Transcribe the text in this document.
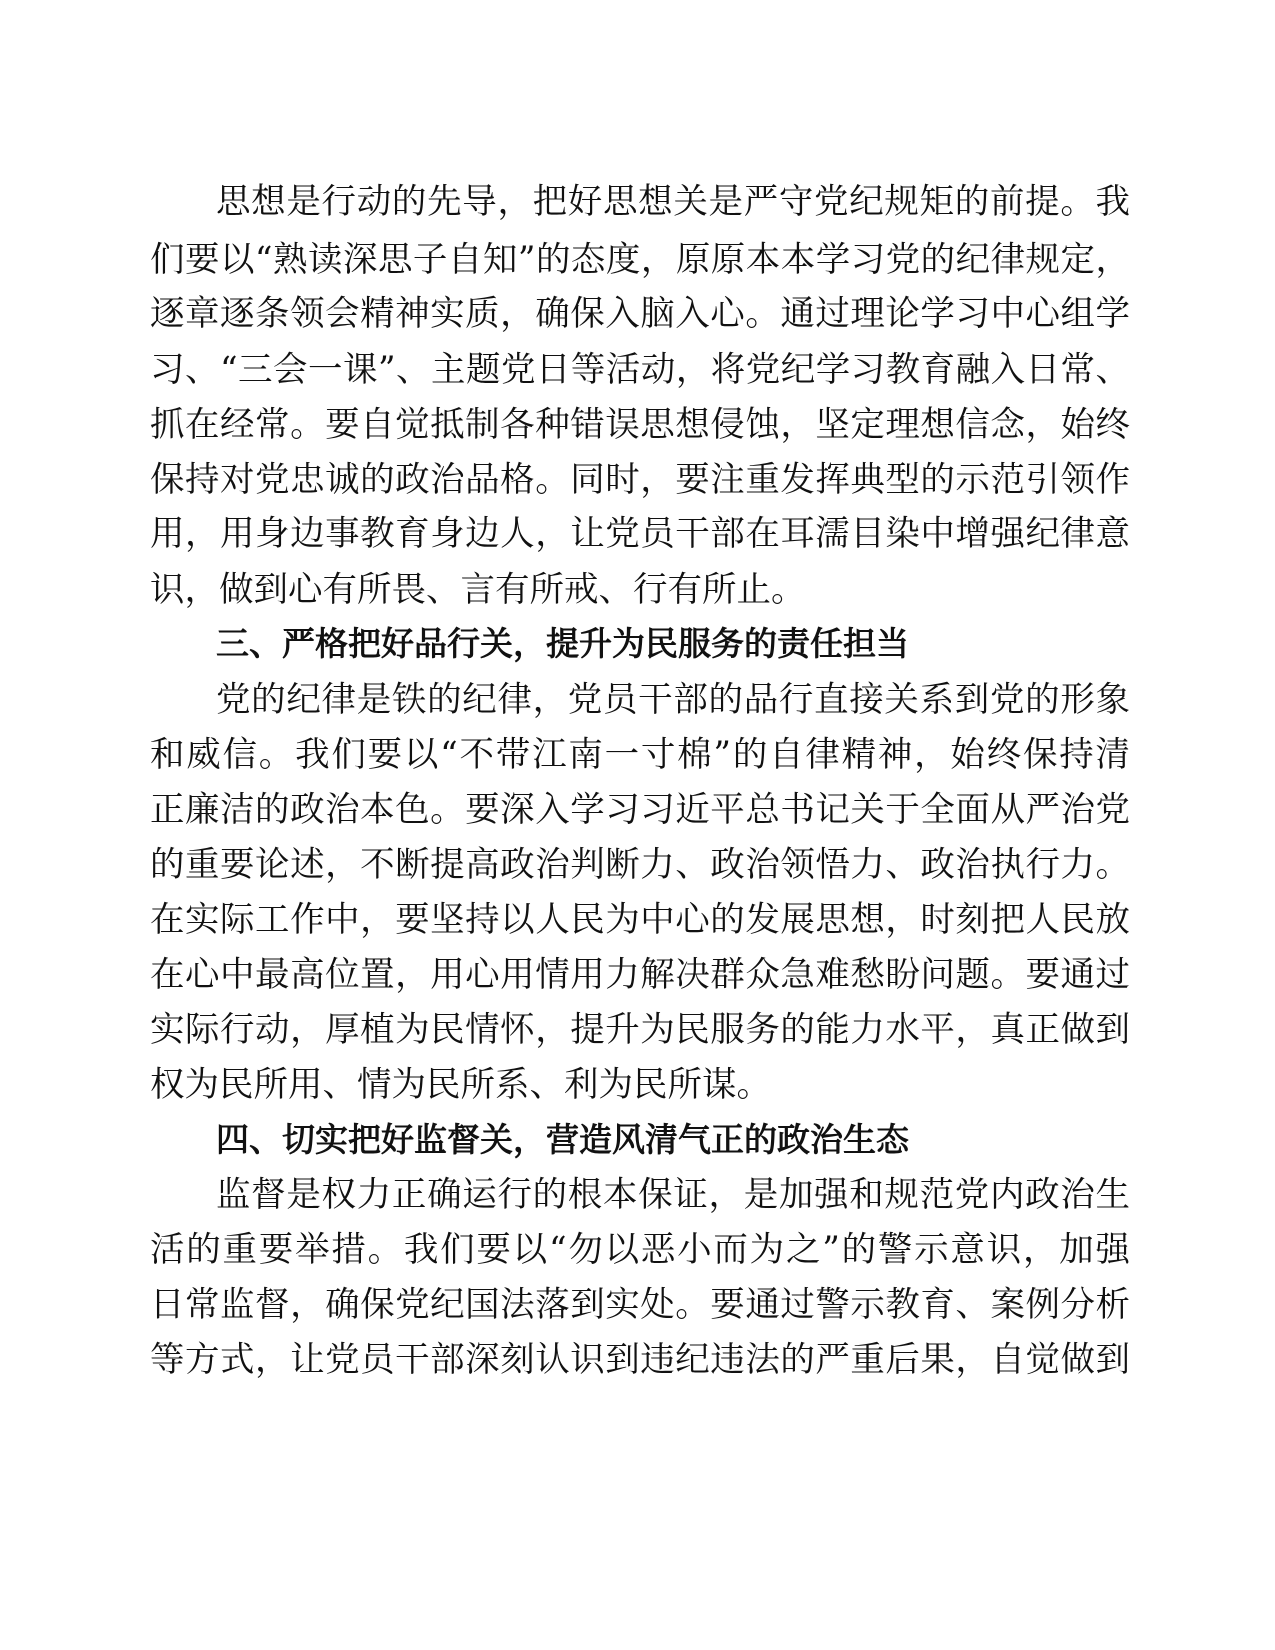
思想是行动的先导，把好思想关是严守党纪规矩的前提。我
们要以“熟读深思子自知”的态度，原原本本学习党的纪律规定，
逐章逐条领会精神实质，确保入脑入心。通过理论学习中心组学
习、“三会一课”、主题党日等活动，将党纪学习教育融入日常、
抓在经常。要自觉抵制各种错误思想侵蚀，坚定理想信念，始终
保持对党忠诚的政治品格。同时，要注重发挥典型的示范引领作
用，用身边事教育身边人，让党员干部在耳濡目染中增强纪律意
识，做到心有所畏、言有所戒、行有所止。
三、严格把好品行关，提升为民服务的责任担当
党的纪律是铁的纪律，党员干部的品行直接关系到党的形象
和威信。我们要以“不带江南一寸棉”的自律精神，始终保持清
正廉洁的政治本色。要深入学习习近平总书记关于全面从严治党
的重要论述，不断提高政治判断力、政治领悟力、政治执行力。
在实际工作中，要坚持以人民为中心的发展思想，时刻把人民放
在心中最高位置，用心用情用力解决群众急难愁盼问题。要通过
实际行动，厚植为民情怀，提升为民服务的能力水平，真正做到
权为民所用、情为民所系、利为民所谋。
四、切实把好监督关，营造风清气正的政治生态
监督是权力正确运行的根本保证，是加强和规范党内政治生
活的重要举措。我们要以“勿以恶小而为之”的警示意识，加强
日常监督，确保党纪国法落到实处。要通过警示教育、案例分析
等方式，让党员干部深刻认识到违纪违法的严重后果，自觉做到
